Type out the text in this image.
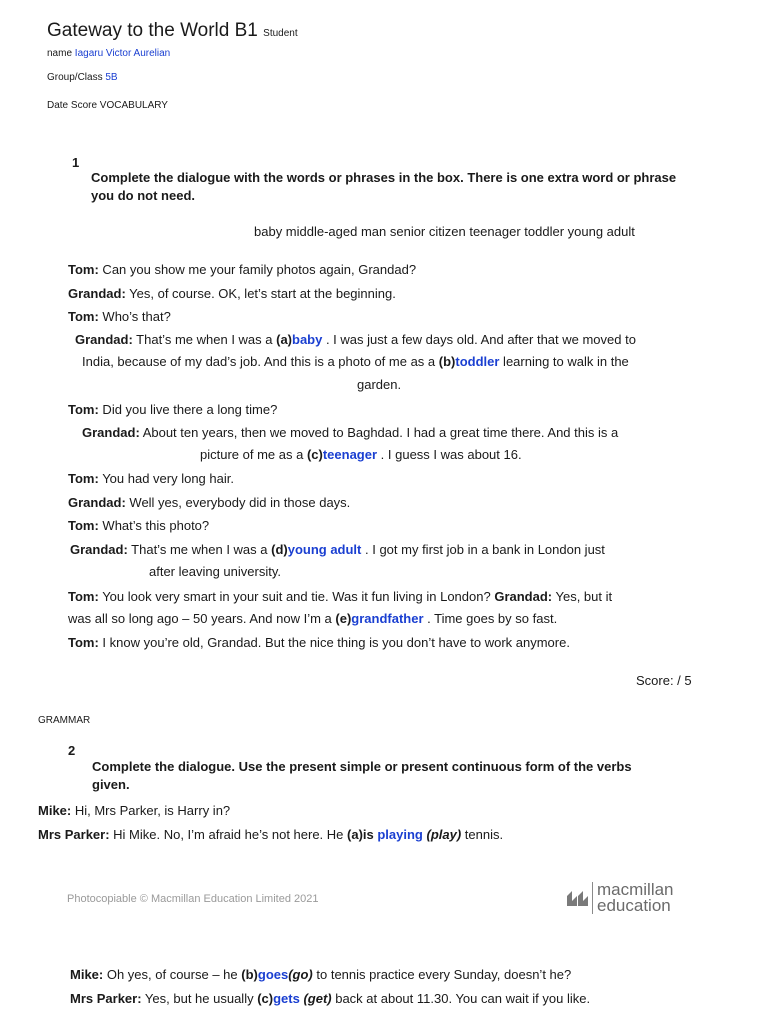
Gateway to the World B1 Student
name Iagaru Victor Aurelian
Group/Class 5B
Date Score VOCABULARY
1
Complete the dialogue with the words or phrases in the box. There is one extra word or phrase you do not need.
baby middle-aged man senior citizen teenager toddler young adult
Tom: Can you show me your family photos again, Grandad?
Grandad: Yes, of course. OK, let’s start at the beginning.
Tom: Who’s that?
Grandad: That’s me when I was a (a)baby . I was just a few days old. And after that we moved to
India, because of my dad’s job. And this is a photo of me as a (b)toddler learning to walk in the
garden.
Tom: Did you live there a long time?
Grandad: About ten years, then we moved to Baghdad. I had a great time there. And this is a
picture of me as a (c)teenager . I guess I was about 16.
Tom: You had very long hair.
Grandad: Well yes, everybody did in those days.
Tom: What’s this photo?
Grandad: That’s me when I was a (d)young adult . I got my first job in a bank in London just
after leaving university.
Tom: You look very smart in your suit and tie. Was it fun living in London? Grandad: Yes, but it
was all so long ago – 50 years. And now I’m a (e)grandfather . Time goes by so fast.
Tom: I know you’re old, Grandad. But the nice thing is you don’t have to work anymore.
Score: / 5
GRAMMAR
2
Complete the dialogue. Use the present simple or present continuous form of the verbs given.
Mike: Hi, Mrs Parker, is Harry in?
Mrs Parker: Hi Mike. No, I’m afraid he’s not here. He (a)is playing (play) tennis.
Photocopiable © Macmillan Education Limited 2021	macmillan
education
Mike: Oh yes, of course – he (b)goes(go) to tennis practice every Sunday, doesn’t he?
Mrs Parker: Yes, but he usually (c)gets (get) back at about 11.30. You can wait if you like.
